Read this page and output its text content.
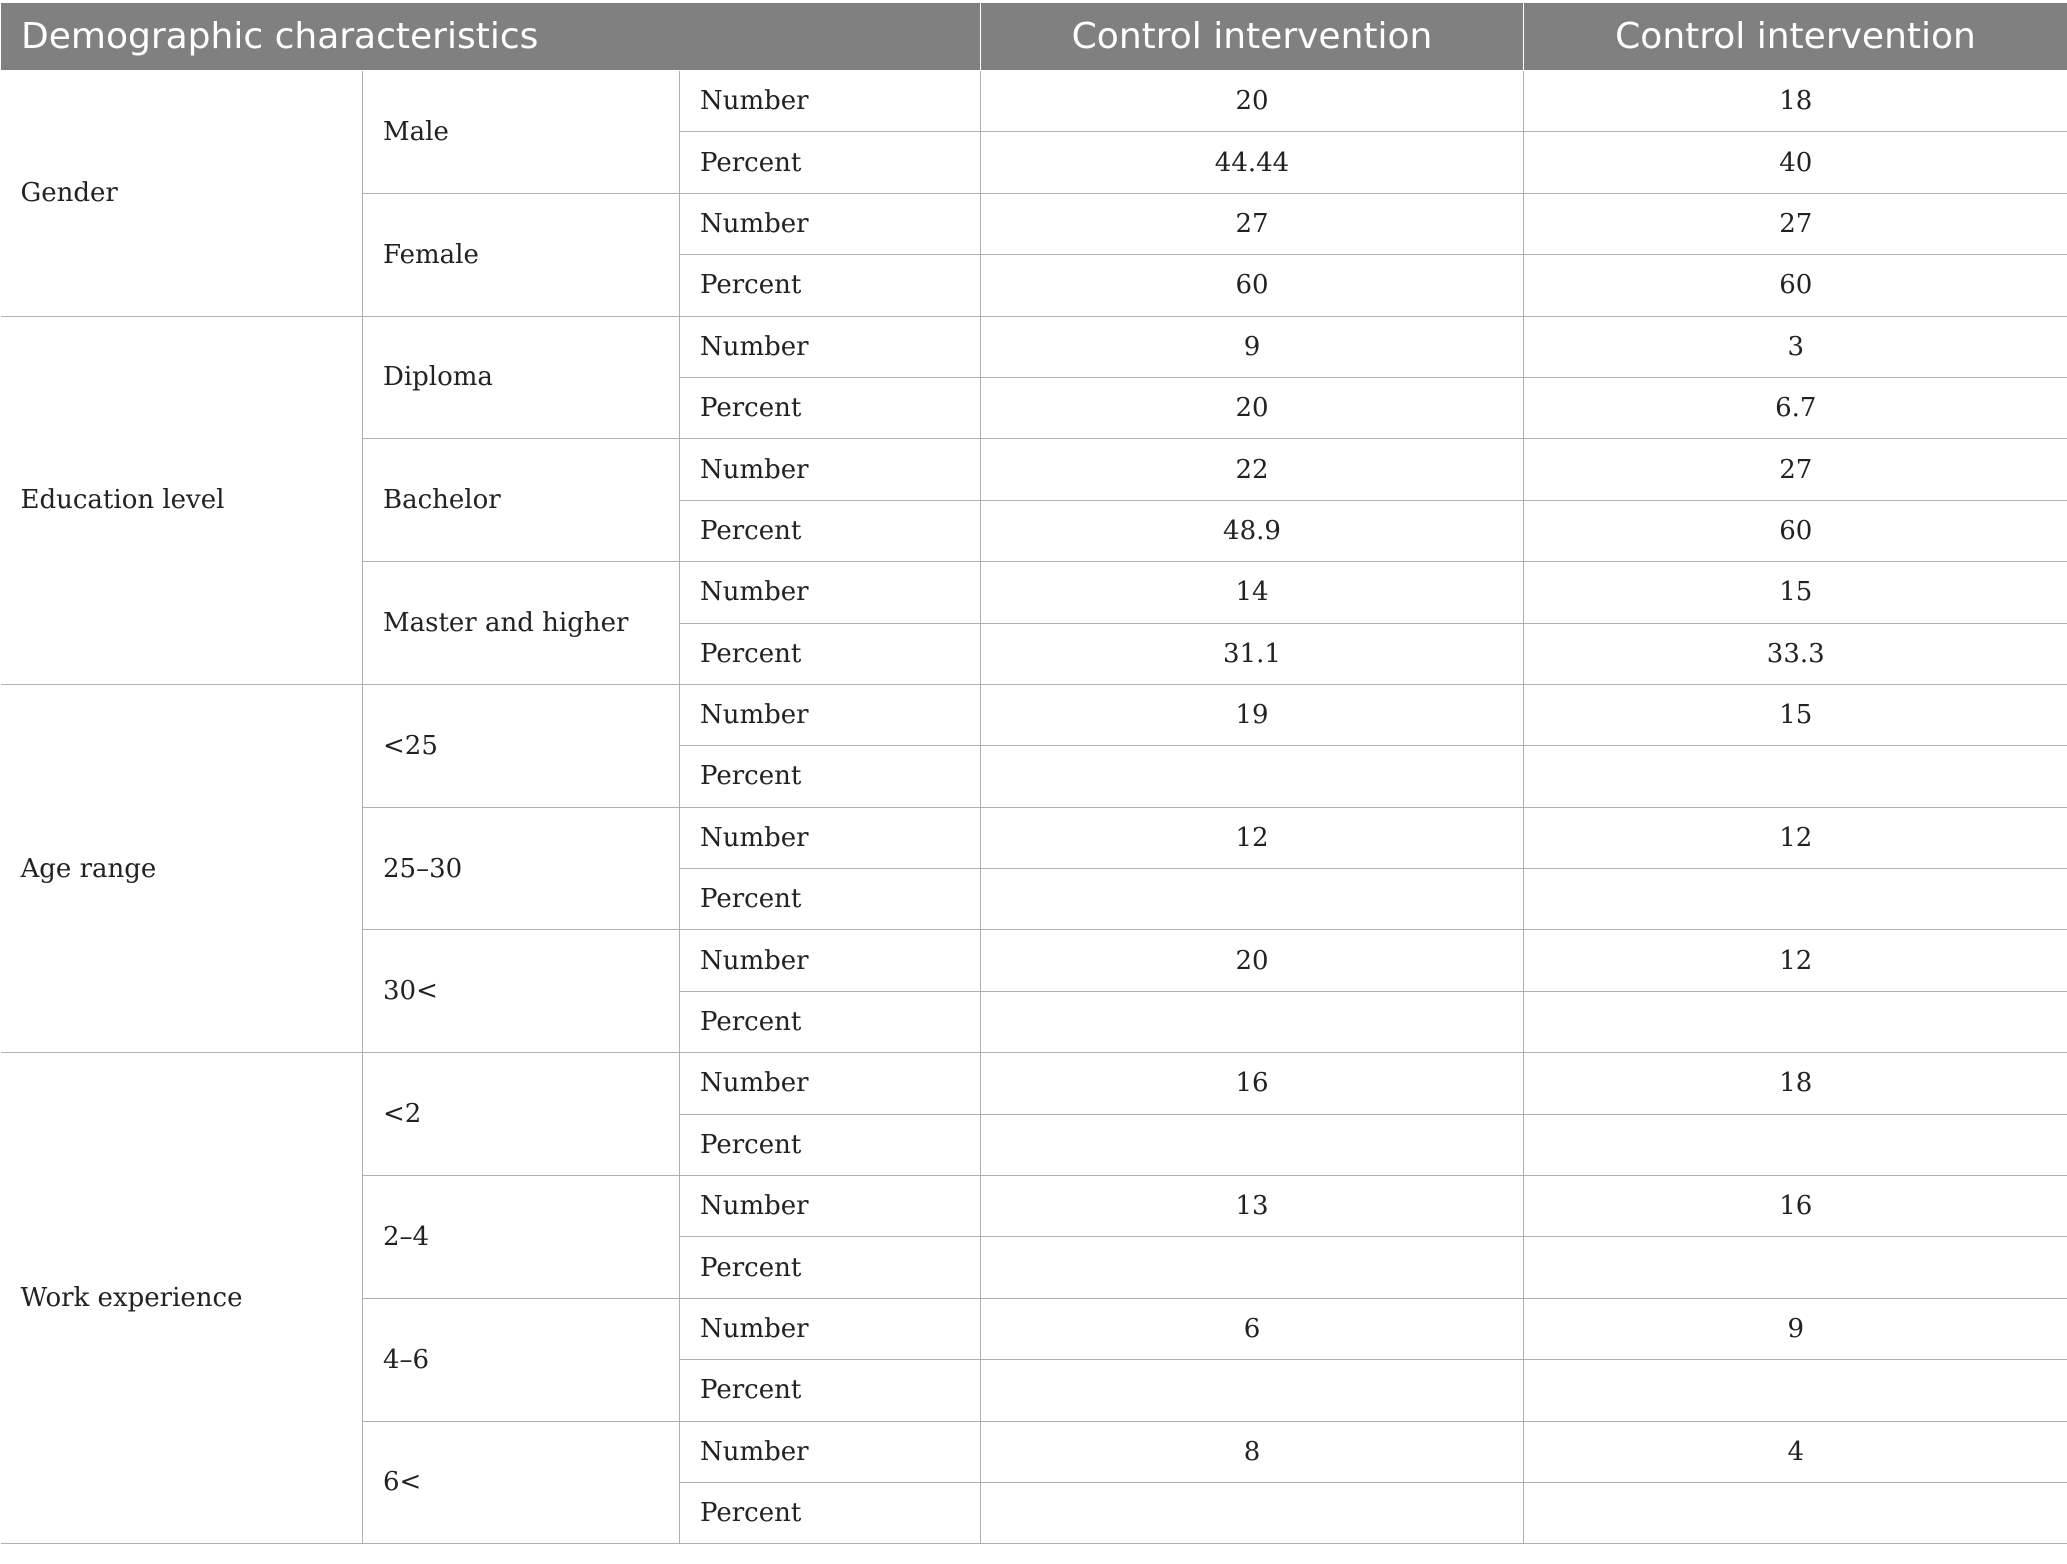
Demographic characteristics			Control intervention	Control intervention
Gender	Male	Number	20	18
		Percent	44.44	40
	Female	Number	27	27
		Percent	60	60
Education level	Diploma	Number	9	3
		Percent	20	6.7
	Bachelor	Number	22	27
		Percent	48.9	60
	Master and higher	Number	14	15
		Percent	31.1	33.3
Age range	<25	Number	19	15
		Percent		
	25–30	Number	12	12
		Percent		
	30<	Number	20	12
		Percent		
Work experience	<2	Number	16	18
		Percent		
	2–4	Number	13	16
		Percent		
	4–6	Number	6	9
		Percent		
	6<	Number	8	4
		Percent		
